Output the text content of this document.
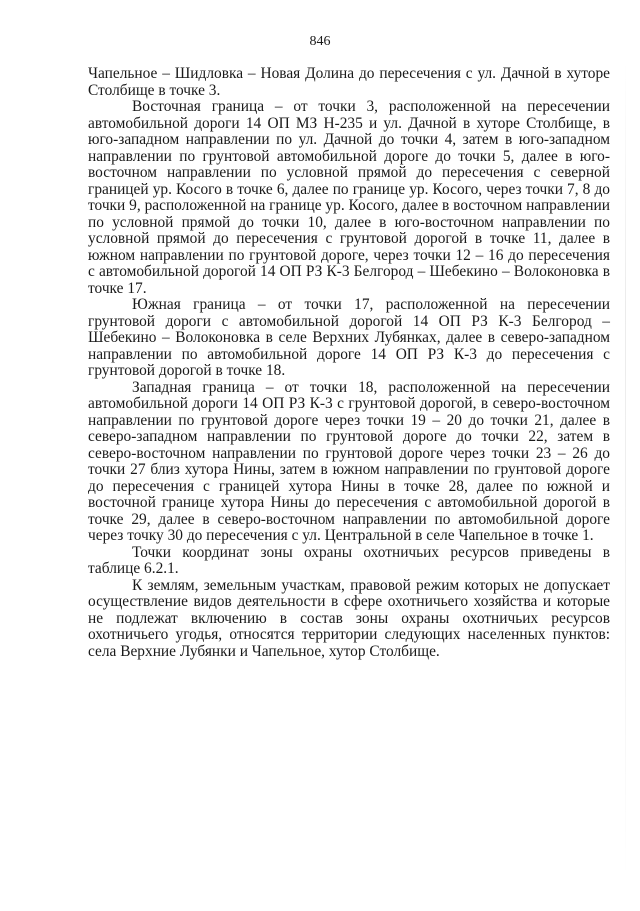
846

Чапельное – Шидловка – Новая Долина до пересечения с ул. Дачной в хуторе Столбище в точке 3.

Восточная граница – от точки 3, расположенной на пересечении автомобильной дороги 14 ОП МЗ Н-235 и ул. Дачной в хуторе Столбище, в юго-западном направлении по ул. Дачной до точки 4, затем в юго-западном направлении по грунтовой автомобильной дороге до точки 5, далее в юго-восточном направлении по условной прямой до пересечения с северной границей ур. Косого в точке 6, далее по границе ур. Косого, через точки 7, 8 до точки 9, расположенной на границе ур. Косого, далее в восточном направлении по условной прямой до точки 10, далее в юго-восточном направлении по условной прямой до пересечения с грунтовой дорогой в точке 11, далее в южном направлении по грунтовой дороге, через точки 12 – 16 до пересечения с автомобильной дорогой 14 ОП РЗ К-3 Белгород – Шебекино – Волоконовка в точке 17.

Южная граница – от точки 17, расположенной на пересечении грунтовой дороги с автомобильной дорогой 14 ОП РЗ К-3 Белгород – Шебекино – Волоконовка в селе Верхних Лубянках, далее в северо-западном направлении по автомобильной дороге 14 ОП РЗ К-3 до пересечения с грунтовой дорогой в точке 18.

Западная граница – от точки 18, расположенной на пересечении автомобильной дороги 14 ОП РЗ К-3 с грунтовой дорогой, в северо-восточном направлении по грунтовой дороге через точки 19 – 20 до точки 21, далее в северо-западном направлении по грунтовой дороге до точки 22, затем в северо-восточном направлении по грунтовой дороге через точки 23 – 26 до точки 27 близ хутора Нины, затем в южном направлении по грунтовой дороге до пересечения с границей хутора Нины в точке 28, далее по южной и восточной границе хутора Нины до пересечения с автомобильной дорогой в точке 29, далее в северо-восточном направлении по автомобильной дороге через точку 30 до пересечения с ул. Центральной в селе Чапельное в точке 1.

Точки координат зоны охраны охотничьих ресурсов приведены в таблице 6.2.1.

К землям, земельным участкам, правовой режим которых не допускает осуществление видов деятельности в сфере охотничьего хозяйства и которые не подлежат включению в состав зоны охраны охотничьих ресурсов охотничьего угодья, относятся территории следующих населенных пунктов: села Верхние Лубянки и Чапельное, хутор Столбище.
